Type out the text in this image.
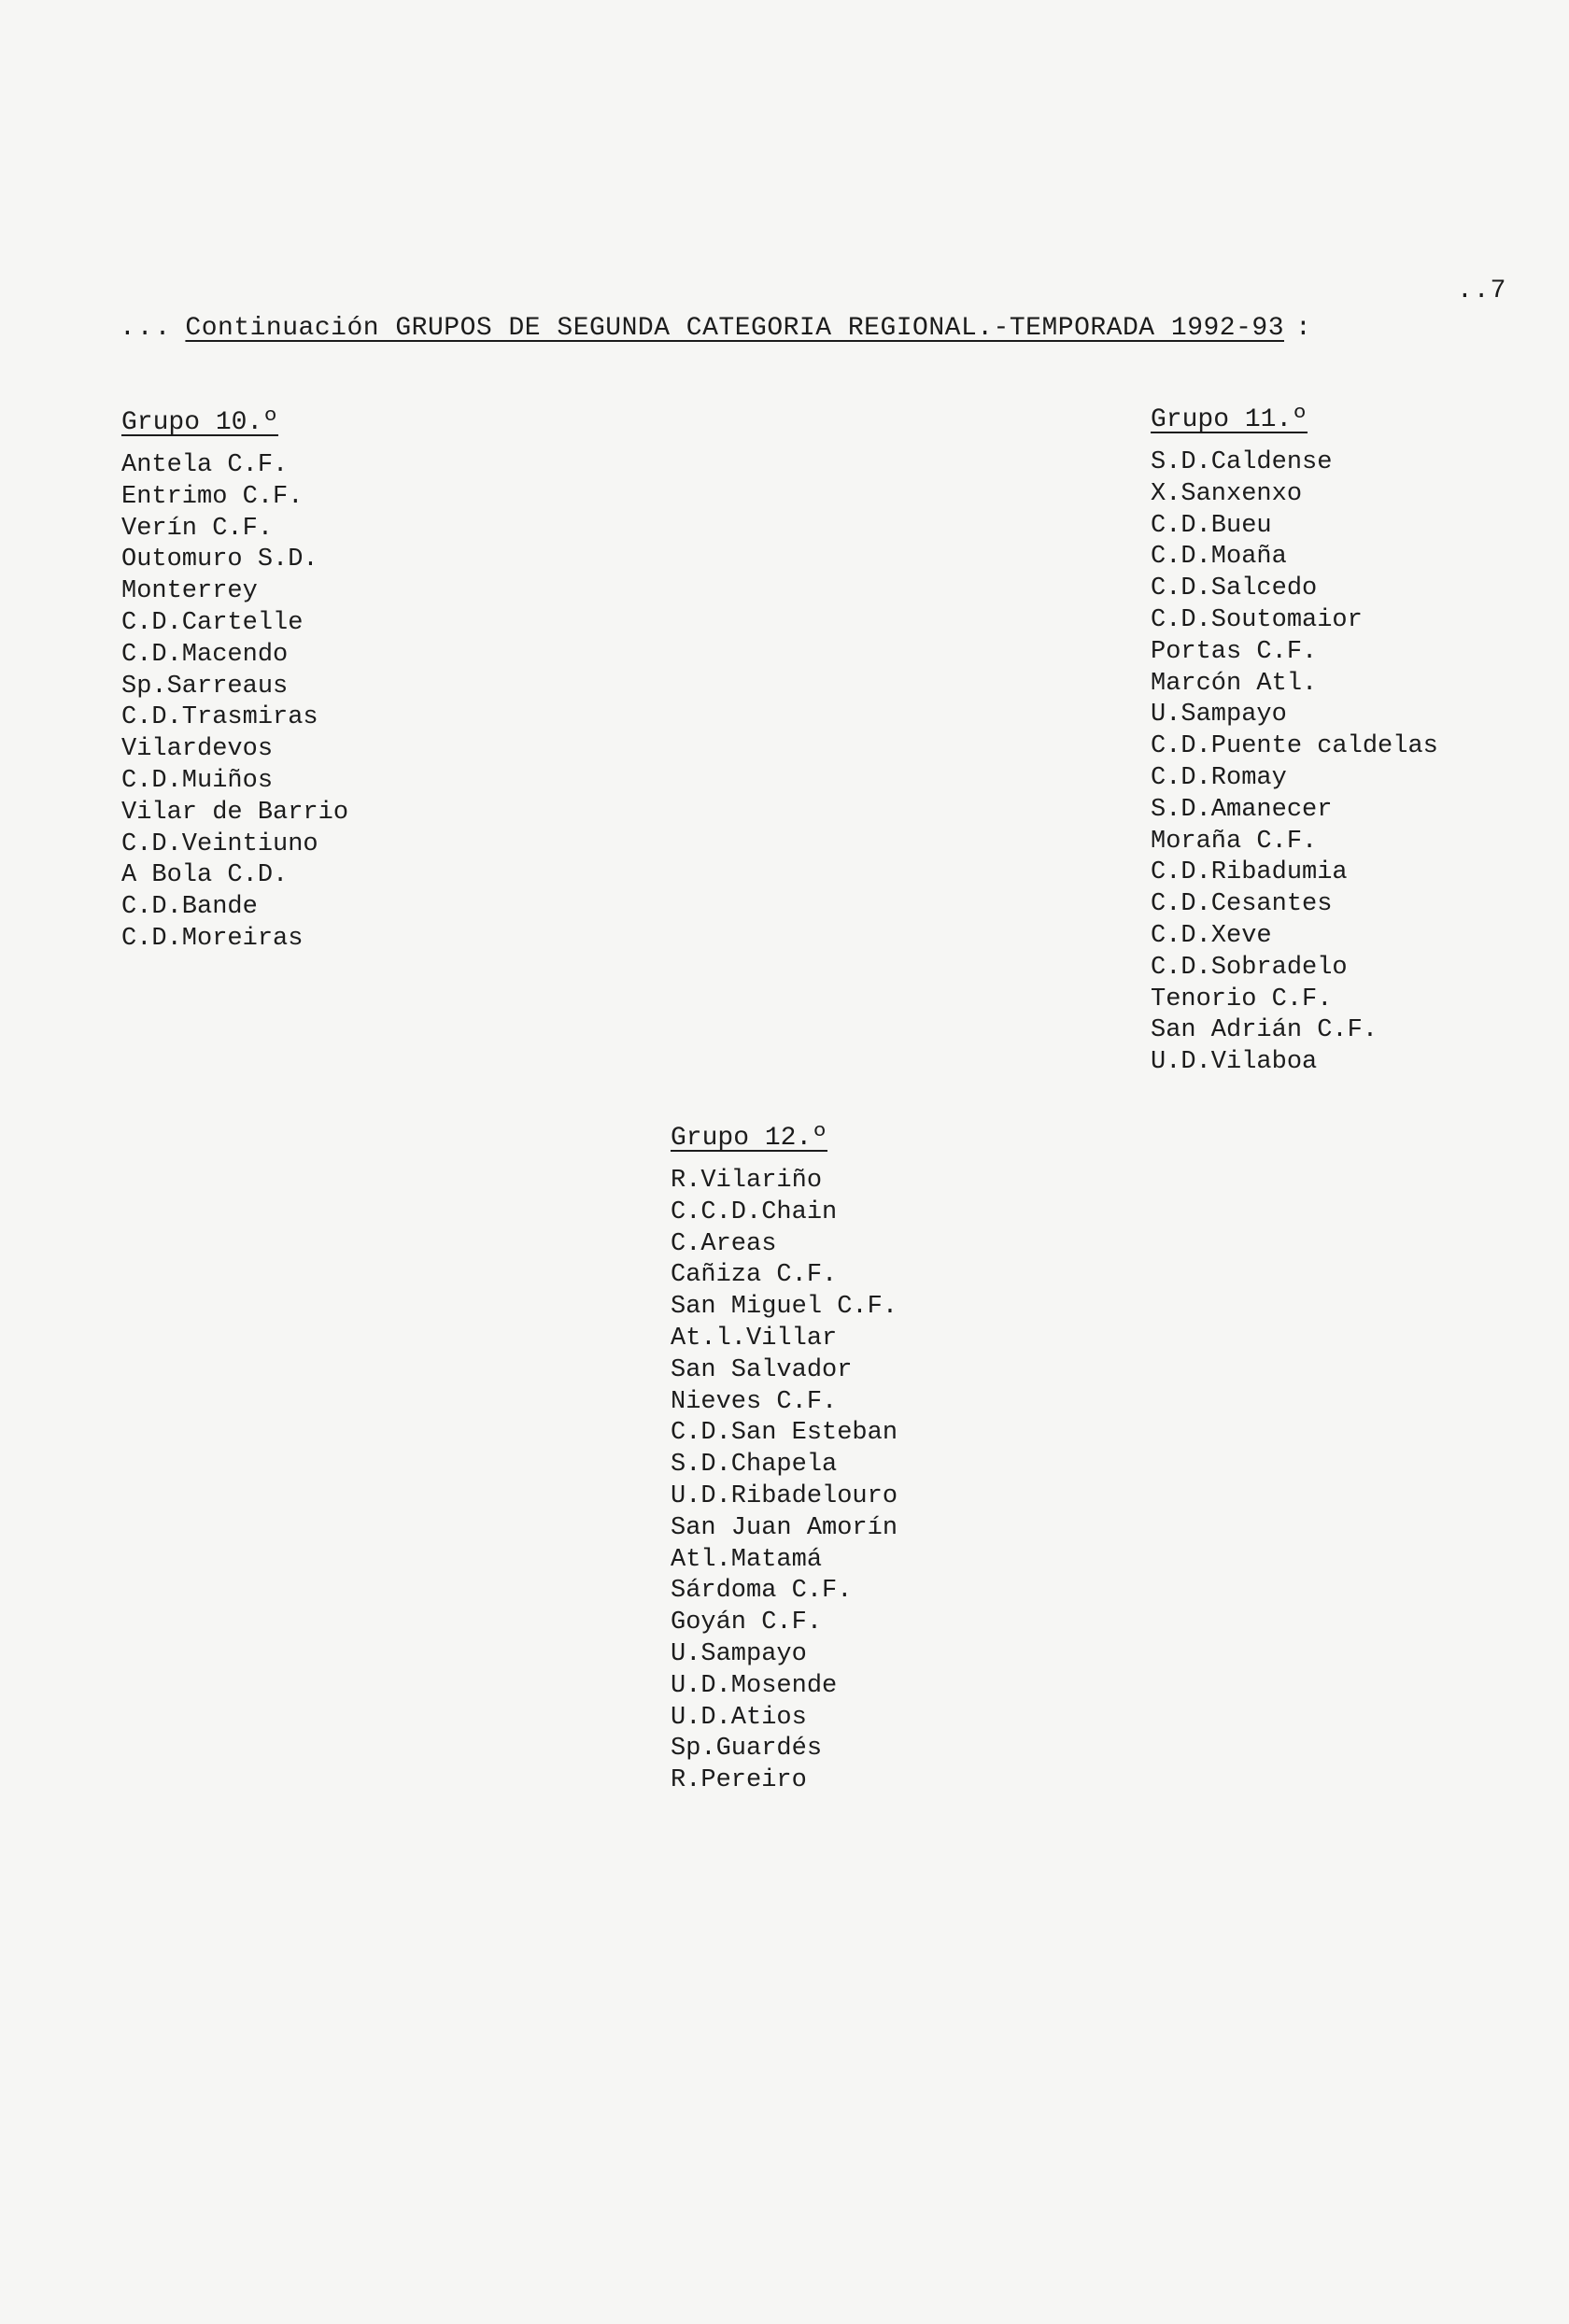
..7
... Continuación GRUPOS DE SEGUNDA CATEGORIA REGIONAL.-TEMPORADA 1992-93 :
Grupo 10.º
Antela C.F.
Entrimo C.F.
Verín C.F.
Outomuro S.D.
Monterrey
C.D.Cartelle
C.D.Macendo
Sp.Sarreaus
C.D.Trasmiras
Vilardevos
C.D.Muiños
Vilar de Barrio
C.D.Veintiuno
A Bola C.D.
C.D.Bande
C.D.Moreiras
Grupo 11.º
S.D.Caldense
X.Sanxenxo
C.D.Bueu
C.D.Moaña
C.D.Salcedo
C.D.Soutomaior
Portas C.F.
Marcón Atl.
U.Sampayo
C.D.Puente caldelas
C.D.Romay
S.D.Amanecer
Moraña C.F.
C.D.Ribadumia
C.D.Cesantes
C.D.Xeve
C.D.Sobradelo
Tenorio C.F.
San Adrián C.F.
U.D.Vilaboa
Grupo 12.º
R.Vilariño
C.C.D.Chain
C.Areas
Cañiza C.F.
San Miguel C.F.
At.l.Villar
San Salvador
Nieves C.F.
C.D.San Esteban
S.D.Chapela
U.D.Ribadelouro
San Juan Amorín
Atl.Matamá
Sárdoma C.F.
Goyán C.F.
U.Sampayo
U.D.Mosende
U.D.Atios
Sp.Guardés
R.Pereiro
